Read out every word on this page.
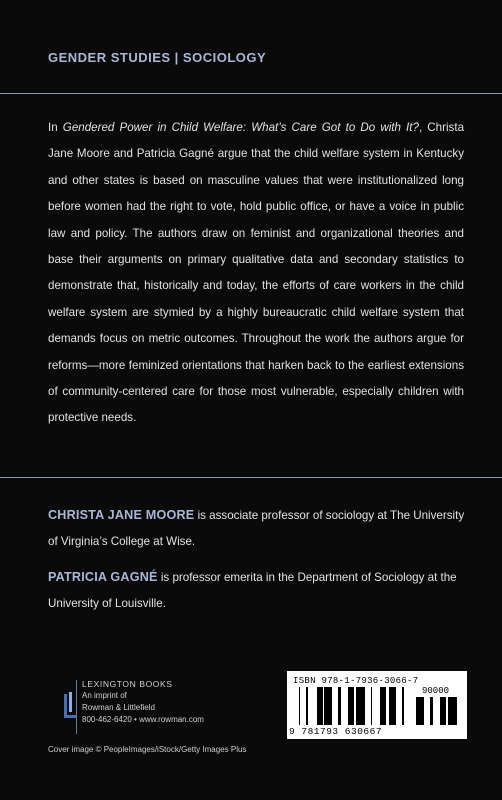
GENDER STUDIES | SOCIOLOGY

In Gendered Power in Child Welfare: What’s Care Got to Do with It?, Christa Jane Moore and Patricia Gagné argue that the child welfare system in Kentucky and other states is based on masculine values that were institutionalized long before women had the right to vote, hold public office, or have a voice in public law and policy. The authors draw on feminist and organizational theories and base their arguments on primary qualitative data and secondary statistics to demonstrate that, historically and today, the efforts of care workers in the child welfare system are stymied by a highly bureaucratic child welfare system that demands focus on metric outcomes. Throughout the work the authors argue for reforms—more feminized orientations that harken back to the earliest extensions of community-centered care for those most vulnerable, especially children with protective needs.

CHRISTA JANE MOORE is associate professor of sociology at The University of Virginia’s College at Wise.

PATRICIA GAGNÉ is professor emerita in the Department of Sociology at the University of Louisville.

LEXINGTON BOOKS
An imprint of
Rowman & Littlefield
800-462-6420 • www.rowman.com
ISBN 978-1-7936-3066-7
90000
9 781793 630667
Cover image © PeopleImages/iStock/Getty Images Plus
